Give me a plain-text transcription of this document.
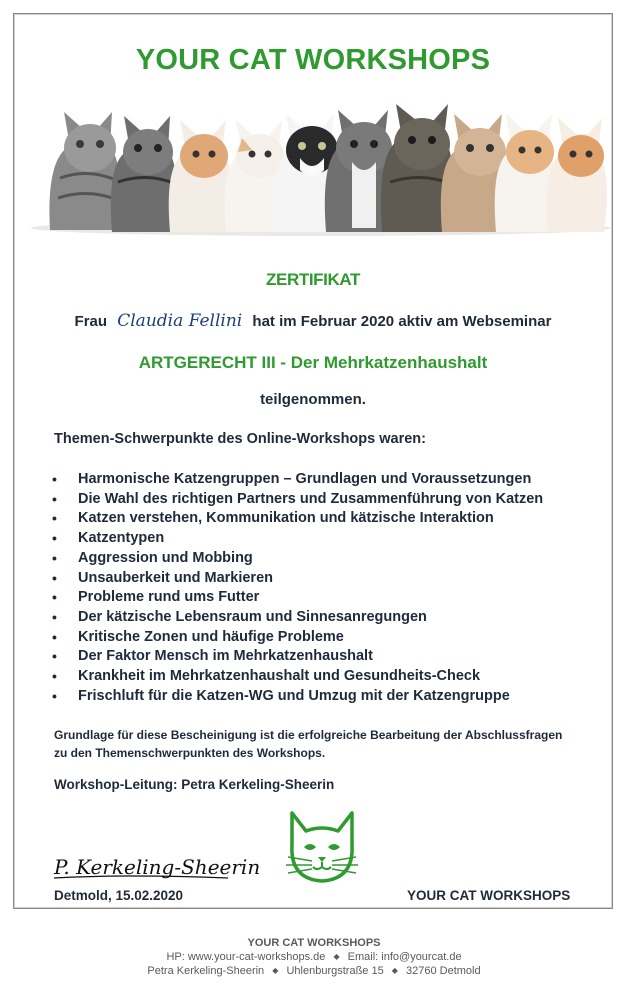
YOUR CAT WORKSHOPS
ZERTIFIKAT
Frau Claudia Fellini hat im Februar 2020 aktiv am Webseminar
ARTGERECHT III - Der Mehrkatzenhaushalt
teilgenommen.
Themen-Schwerpunkte des Online-Workshops waren:
• Harmonische Katzengruppen – Grundlagen und Voraussetzungen
• Die Wahl des richtigen Partners und Zusammenführung von Katzen
• Katzen verstehen, Kommunikation und kätzische Interaktion
• Katzentypen
• Aggression und Mobbing
• Unsauberkeit und Markieren
• Probleme rund ums Futter
• Der kätzische Lebensraum und Sinnesanregungen
• Kritische Zonen und häufige Probleme
• Der Faktor Mensch im Mehrkatzenhaushalt
• Krankheit im Mehrkatzenhaushalt und Gesundheits-Check
• Frischluft für die Katzen-WG und Umzug mit der Katzengruppe
Grundlage für diese Bescheinigung ist die erfolgreiche Bearbeitung der Abschlussfragen
zu den Themenschwerpunkten des Workshops.
Workshop-Leitung: Petra Kerkeling-Sheerin
P. Kerkeling-Sheerin
Detmold, 15.02.2020	YOUR CAT WORKSHOPS
YOUR CAT WORKSHOPS
HP: www.your-cat-workshops.de ◆ Email: info@yourcat.de
Petra Kerkeling-Sheerin ◆ Uhlenburgstraße 15 ◆ 32760 Detmold
